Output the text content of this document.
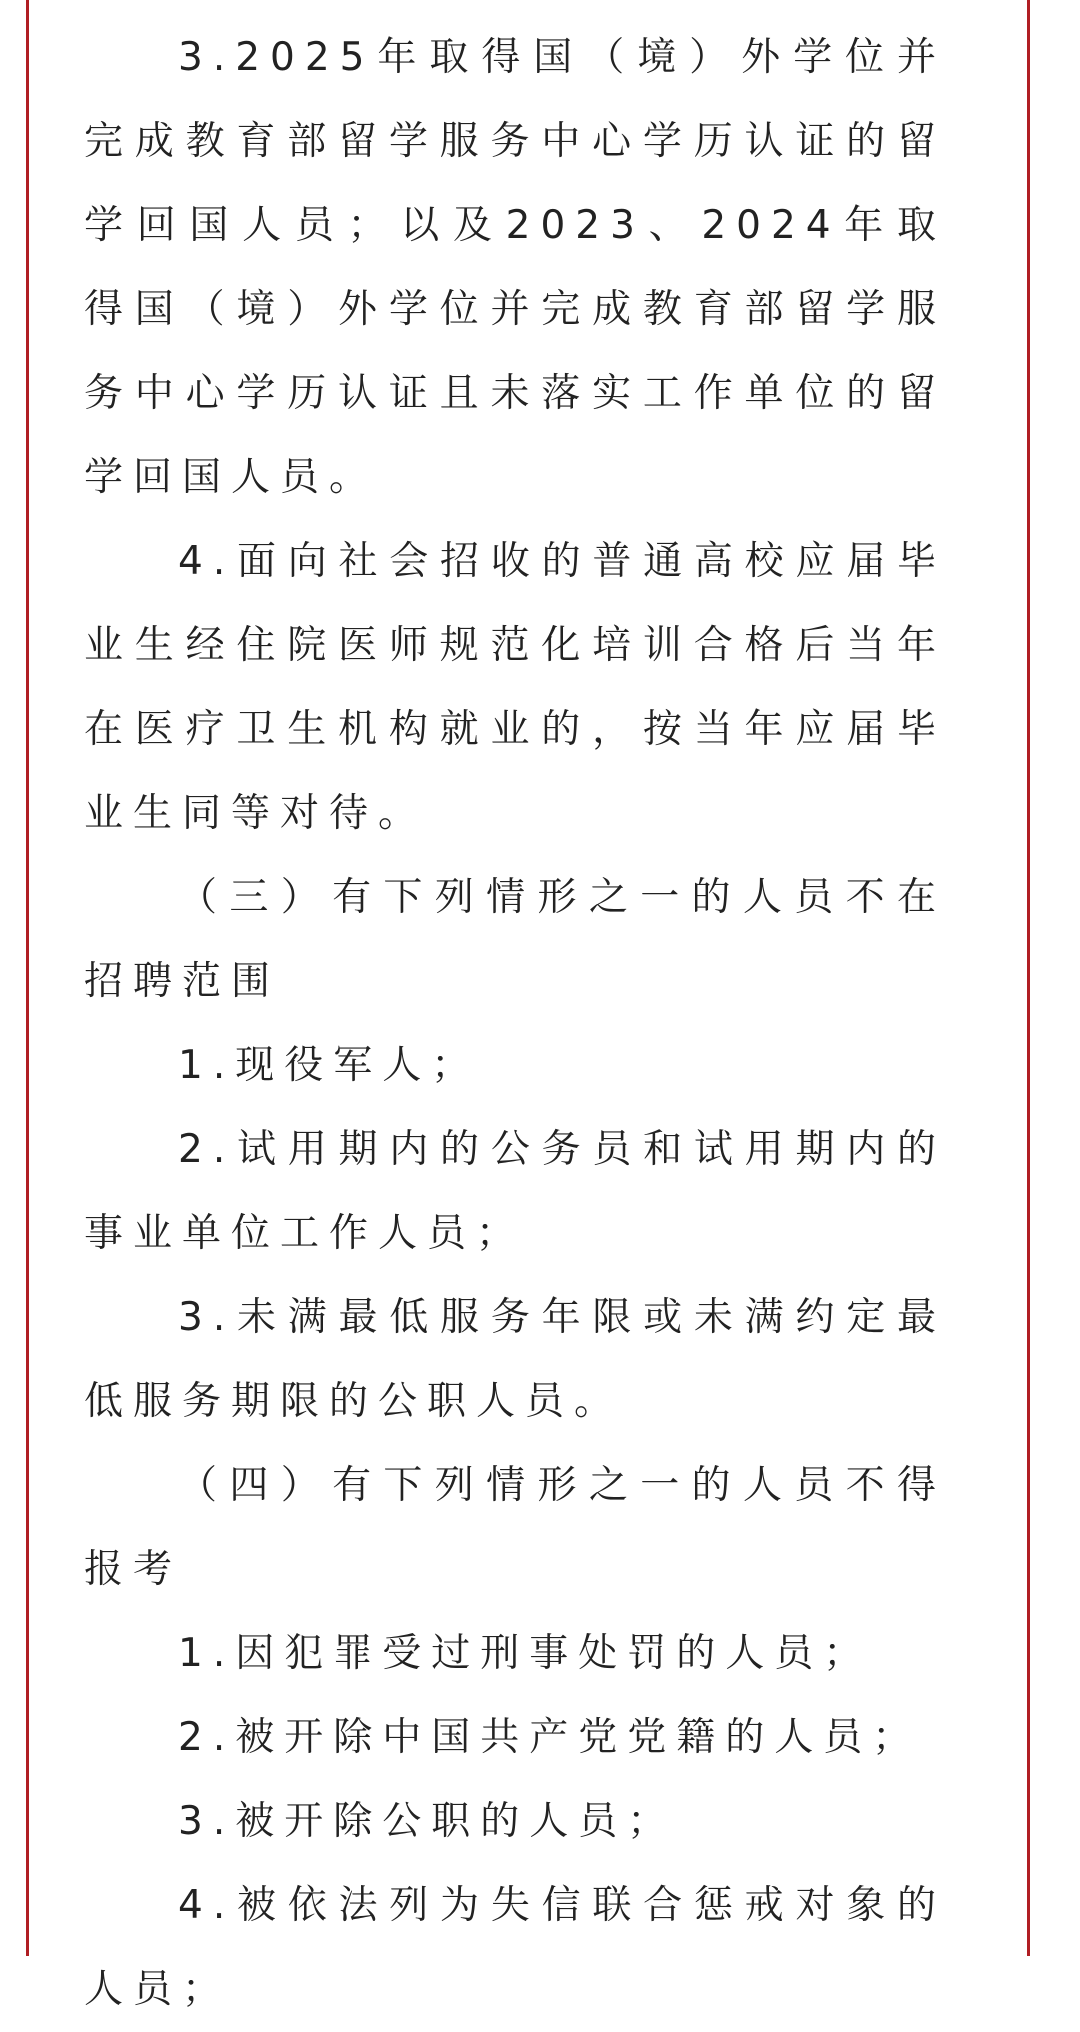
3.2025年取得国（境）外学位并完成教育部留学服务中心学历认证的留学回国人员；以及2023、2024年取得国（境）外学位并完成教育部留学服务中心学历认证且未落实工作单位的留学回国人员。

4.面向社会招收的普通高校应届毕业生经住院医师规范化培训合格后当年在医疗卫生机构就业的，按当年应届毕业生同等对待。

（三）有下列情形之一的人员不在招聘范围

1.现役军人；

2.试用期内的公务员和试用期内的事业单位工作人员；

3.未满最低服务年限或未满约定最低服务期限的公职人员。

（四）有下列情形之一的人员不得报考

1.因犯罪受过刑事处罚的人员；

2.被开除中国共产党党籍的人员；

3.被开除公职的人员；

4.被依法列为失信联合惩戒对象的人员；
